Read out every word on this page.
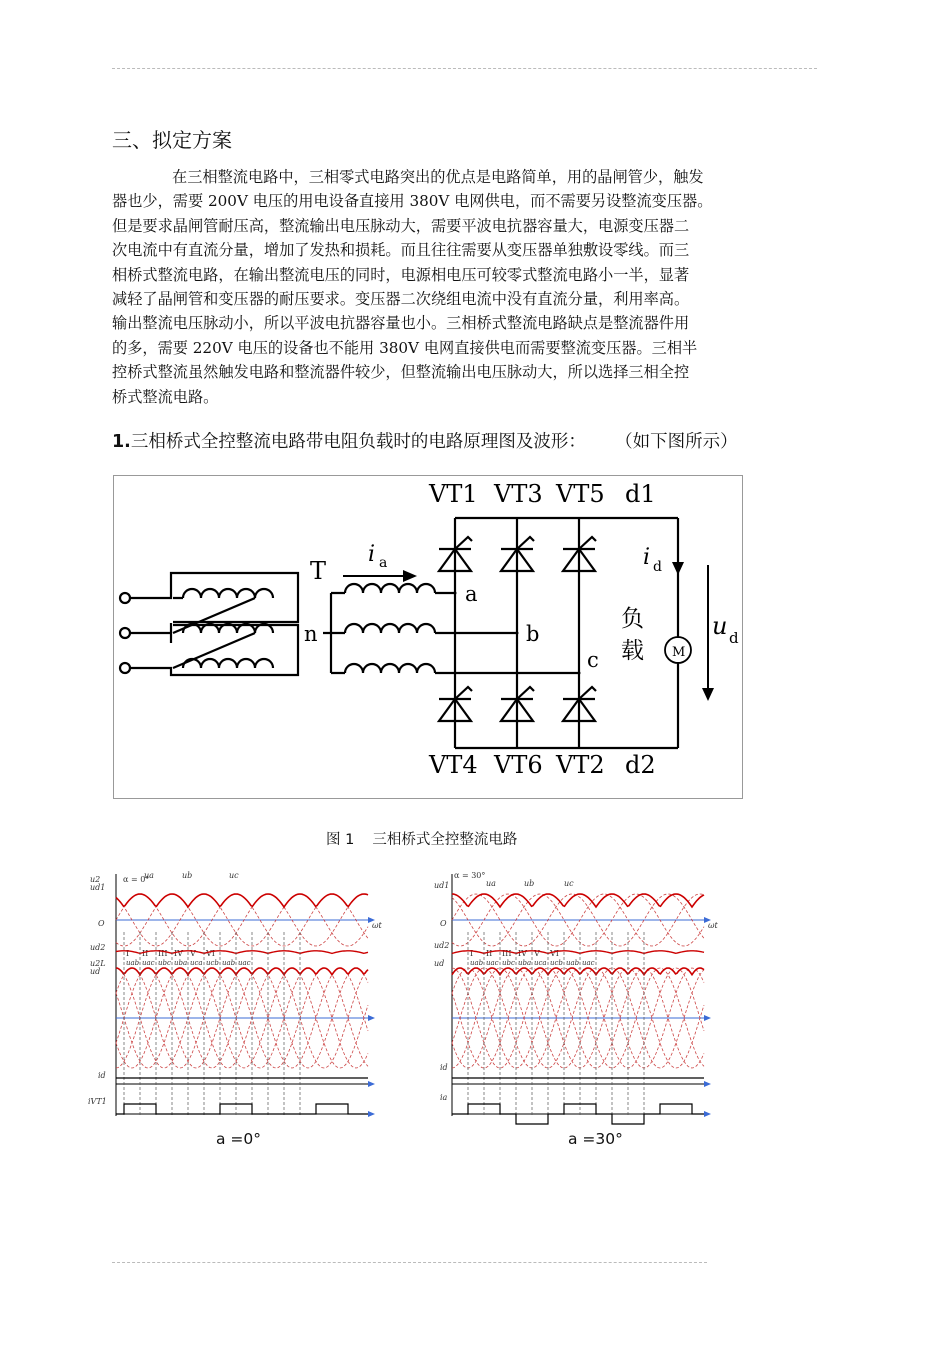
三、拟定方案
在三相整流电路中，三相零式电路突出的优点是电路简单，用的晶闸管少，触发
器也少，需要 200V 电压的用电设备直接用 380V 电网供电，而不需要另设整流变压器。
但是要求晶闸管耐压高，整流输出电压脉动大，需要平波电抗器容量大，电源变压器二
次电流中有直流分量，增加了发热和损耗。而且往往需要从变压器单独敷设零线。而三
相桥式整流电路，在输出整流电压的同时，电源相电压可较零式整流电路小一半，显著
减轻了晶闸管和变压器的耐压要求。变压器二次绕组电流中没有直流分量，利用率高。
输出整流电压脉动小，所以平波电抗器容量也小。三相桥式整流电路缺点是整流器件用
的多，需要 220V 电压的设备也不能用 380V 电网直接供电而需要整流变压器。三相半
控桥式整流虽然触发电路和整流器件较少，但整流输出电压脉动大，所以选择三相全控
桥式整流电路。
1.三相桥式全控整流电路带电阻负载时的电路原理图及波形： （如下图所示）
VT1 VT3 VT5 d1
VT4 VT6 VT2 d2
T
n
a
b
c
i a	i d
u d
负
载 M
图 1 三相桥式全控整流电路
α = 0°
ua	ub	uc
u2
ud1
ud2
u2L
ud
id
iVT1
O	ωt
I II III IV V VI
uab uac ubc uba uca ucb uab uac
α = 30°
ua	ub	uc
ud1
ud2
ud
id
ia
O	ωt
I II III IV V VI
uab uac ubc uba uca ucb uab uac
a =0°	a =30°
